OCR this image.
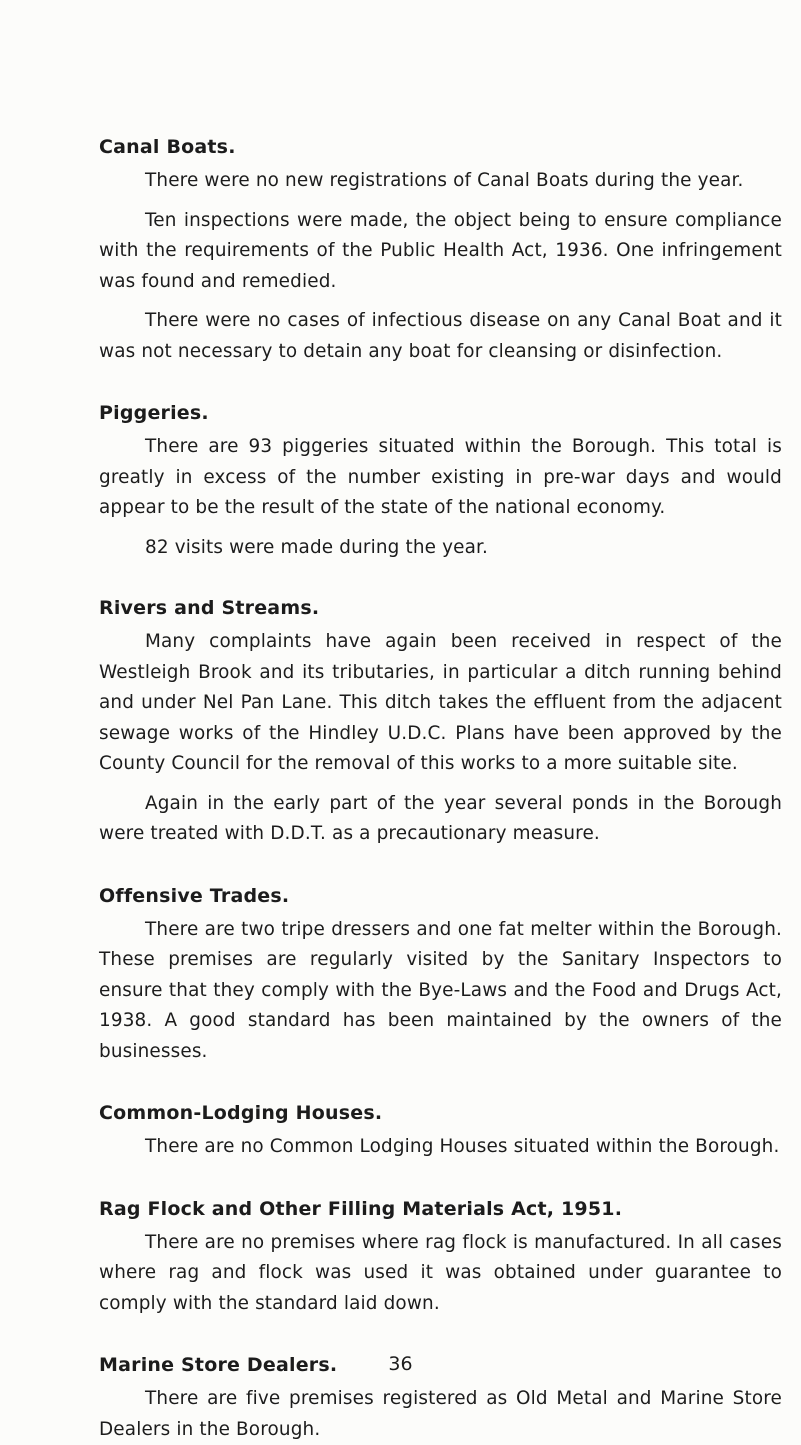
Canal Boats.

There were no new registrations of Canal Boats during the year.

Ten inspections were made, the object being to ensure compliance with the requirements of the Public Health Act, 1936. One infringement was found and remedied.

There were no cases of infectious disease on any Canal Boat and it was not necessary to detain any boat for cleansing or disinfection.

Piggeries.

There are 93 piggeries situated within the Borough. This total is greatly in excess of the number existing in pre-war days and would appear to be the result of the state of the national economy.

82 visits were made during the year.

Rivers and Streams.

Many complaints have again been received in respect of the Westleigh Brook and its tributaries, in particular a ditch running behind and under Nel Pan Lane. This ditch takes the effluent from the adjacent sewage works of the Hindley U.D.C. Plans have been approved by the County Council for the removal of this works to a more suitable site.

Again in the early part of the year several ponds in the Borough were treated with D.D.T. as a precautionary measure.

Offensive Trades.

There are two tripe dressers and one fat melter within the Borough. These premises are regularly visited by the Sanitary Inspectors to ensure that they comply with the Bye-Laws and the Food and Drugs Act, 1938. A good standard has been maintained by the owners of the businesses.

Common-Lodging Houses.

There are no Common Lodging Houses situated within the Borough.

Rag Flock and Other Filling Materials Act, 1951.

There are no premises where rag flock is manufactured. In all cases where rag and flock was used it was obtained under guarantee to comply with the standard laid down.

Marine Store Dealers.

There are five premises registered as Old Metal and Marine Store Dealers in the Borough.

36
